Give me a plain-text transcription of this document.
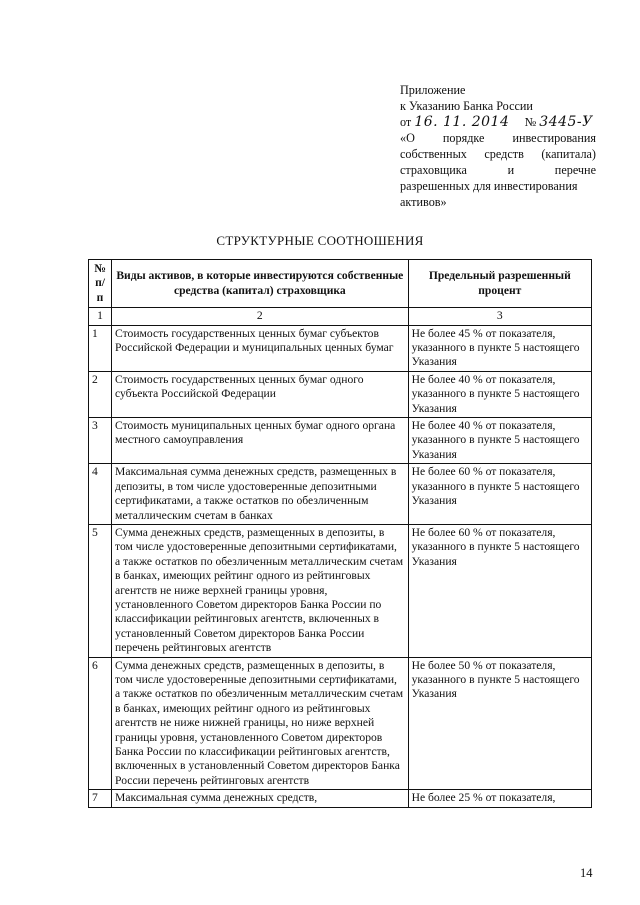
Приложение
к Указанию Банка России
от 16. 11. 2014 № 3445-У
«О порядке инвестирования
собственных средств (капитала)
страховщика и перечне
разрешенных для инвестирования
активов»
СТРУКТУРНЫЕ СООТНОШЕНИЯ
№ п/п	Виды активов, в которые инвестируются собственные средства (капитал) страховщика	Предельный разрешенный процент
1	2	3
1	Стоимость государственных ценных бумаг субъектов Российской Федерации и муниципальных ценных бумаг	Не более 45 % от показателя, указанного в пункте 5 настоящего Указания
2	Стоимость государственных ценных бумаг одного субъекта Российской Федерации	Не более 40 % от показателя, указанного в пункте 5 настоящего Указания
3	Стоимость муниципальных ценных бумаг одного органа местного самоуправления	Не более 40 % от показателя, указанного в пункте 5 настоящего Указания
4	Максимальная сумма денежных средств, размещенных в депозиты, в том числе удостоверенные депозитными сертификатами, а также остатков по обезличенным металлическим счетам в банках	Не более 60 % от показателя, указанного в пункте 5 настоящего Указания
5	Сумма денежных средств, размещенных в депозиты, в том числе удостоверенные депозитными сертификатами, а также остатков по обезличенным металлическим счетам в банках, имеющих рейтинг одного из рейтинговых агентств не ниже верхней границы уровня, установленного Советом директоров Банка России по классификации рейтинговых агентств, включенных в установленный Советом директоров Банка России перечень рейтинговых агентств	Не более 60 % от показателя, указанного в пункте 5 настоящего Указания
6	Сумма денежных средств, размещенных в депозиты, в том числе удостоверенные депозитными сертификатами, а также остатков по обезличенным металлическим счетам в банках, имеющих рейтинг одного из рейтинговых агентств не ниже нижней границы, но ниже верхней границы уровня, установленного Советом директоров Банка России по классификации рейтинговых агентств, включенных в установленный Советом директоров Банка России перечень рейтинговых агентств	Не более 50 % от показателя, указанного в пункте 5 настоящего Указания
7	Максимальная сумма денежных средств,	Не более 25 % от показателя,
14
